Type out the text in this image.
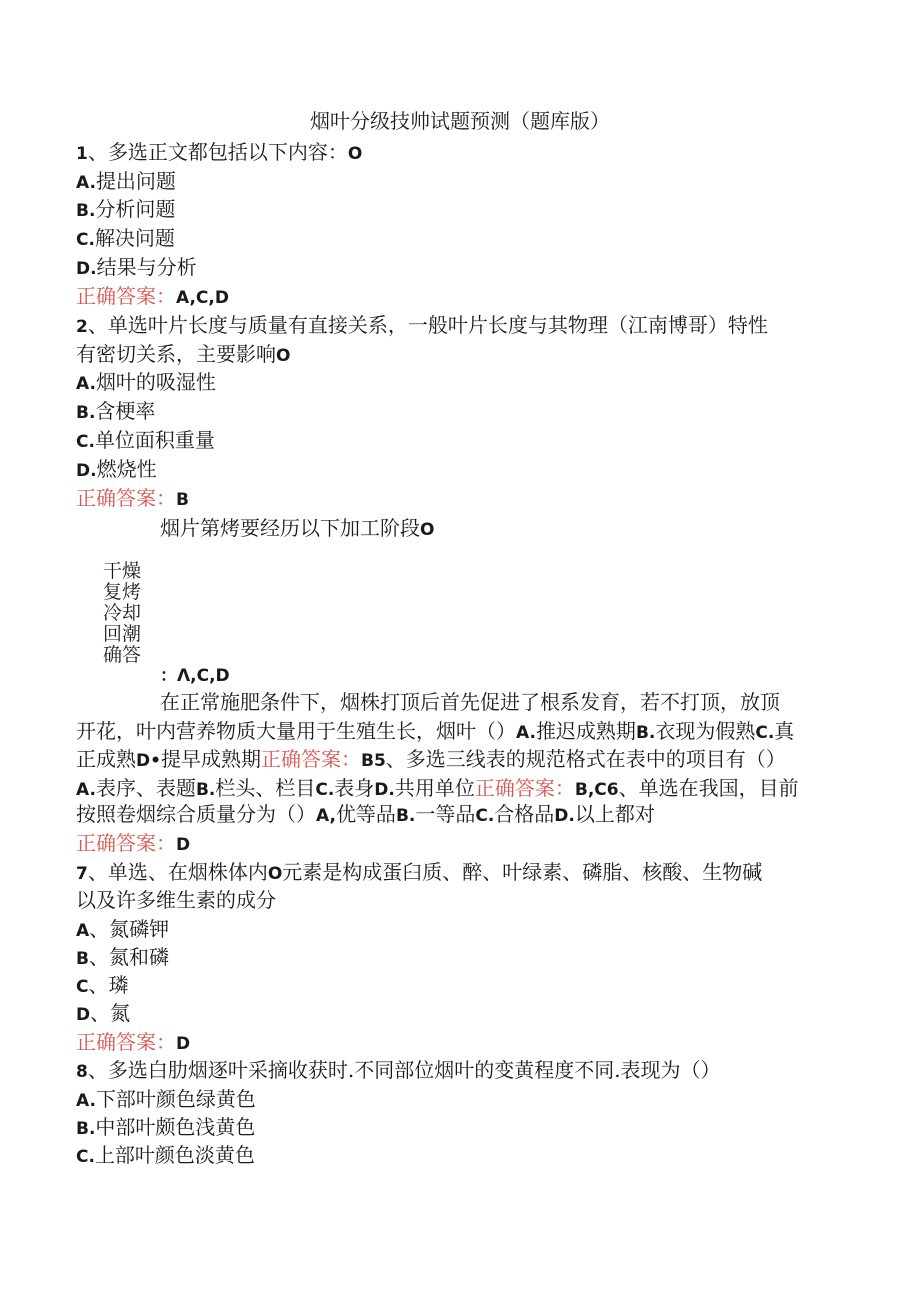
烟叶分级技帅试题预测（题库版）
1、多选正文都包括以下内容：O
A.提出问题
B.分析问题
C.解决问题
D.结果与分析
正确答案：A,C,D
2、单选叶片长度与质量有直接关系，一般叶片长度与其物理（江南博哥）特性
有密切关系，主要影响O
A.烟叶的吸湿性
B.含梗率
C.单位面积重量
D.燃烧性
正确答案：B
烟片第烤要经历以下加工阶段O
干燥
复烤
冷却
回潮
确答
：Λ,C,D
在正常施肥条件下，烟株打顶后首先促进了根系发育，若不打顶，放顶
开花，叶内营养物质大量用于生殖生长，烟叶（）A.推迟成熟期B.衣现为假熟C.真
正成熟D•提早成熟期正确答案：B5、多选三线表的规范格式在表中的项目有（）
A.表序、表题B.栏头、栏目C.表身D.共用单位正确答案：B,C6、单选在我国，目前
按照卷烟综合质量分为（）A,优等品B.一等品C.合格品D.以上都对
正确答案：D
7、单选、在烟株体内O元素是构成蛋臼质、醉、叶绿素、磷脂、核酸、生物碱
以及许多维生素的成分
A、氮磷钾
B、氮和磷
C、璘
D、氮
正确答案：D
8、多选白肋烟逐叶采摘收获时.不同部位烟叶的变黄程度不同.表现为（）
A.下部叶颜色绿黄色
B.中部叶颇色浅黄色
C.上部叶颜色淡黄色
